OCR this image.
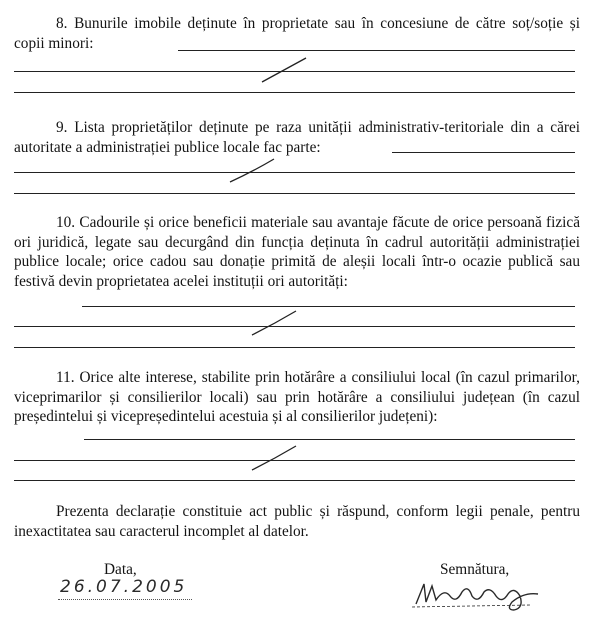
8. Bunurile imobile deținute în proprietate sau în concesiune de către soț/soție și copii minori:

9. Lista proprietăților deținute pe raza unității administrativ-teritoriale din a cărei autoritate a administrației publice locale fac parte:

10. Cadourile și orice beneficii materiale sau avantaje făcute de orice persoană fizică ori juridică, legate sau decurgând din funcția deținuta în cadrul autorității administrației publice locale; orice cadou sau donație primită de aleșii locali într-o ocazie publică sau festivă devin proprietatea acelei instituții ori autorități:

11. Orice alte interese, stabilite prin hotărâre a consiliului local (în cazul primarilor, viceprimarilor și consilierilor locali) sau prin hotărâre a consiliului județean (în cazul președintelui și vicepreședintelui acestuia și al consilierilor județeni):

Prezenta declarație constituie act public și răspund, conform legii penale, pentru inexactitatea sau caracterul incomplet al datelor.

Data,
26.07.2005
Semnătura,
